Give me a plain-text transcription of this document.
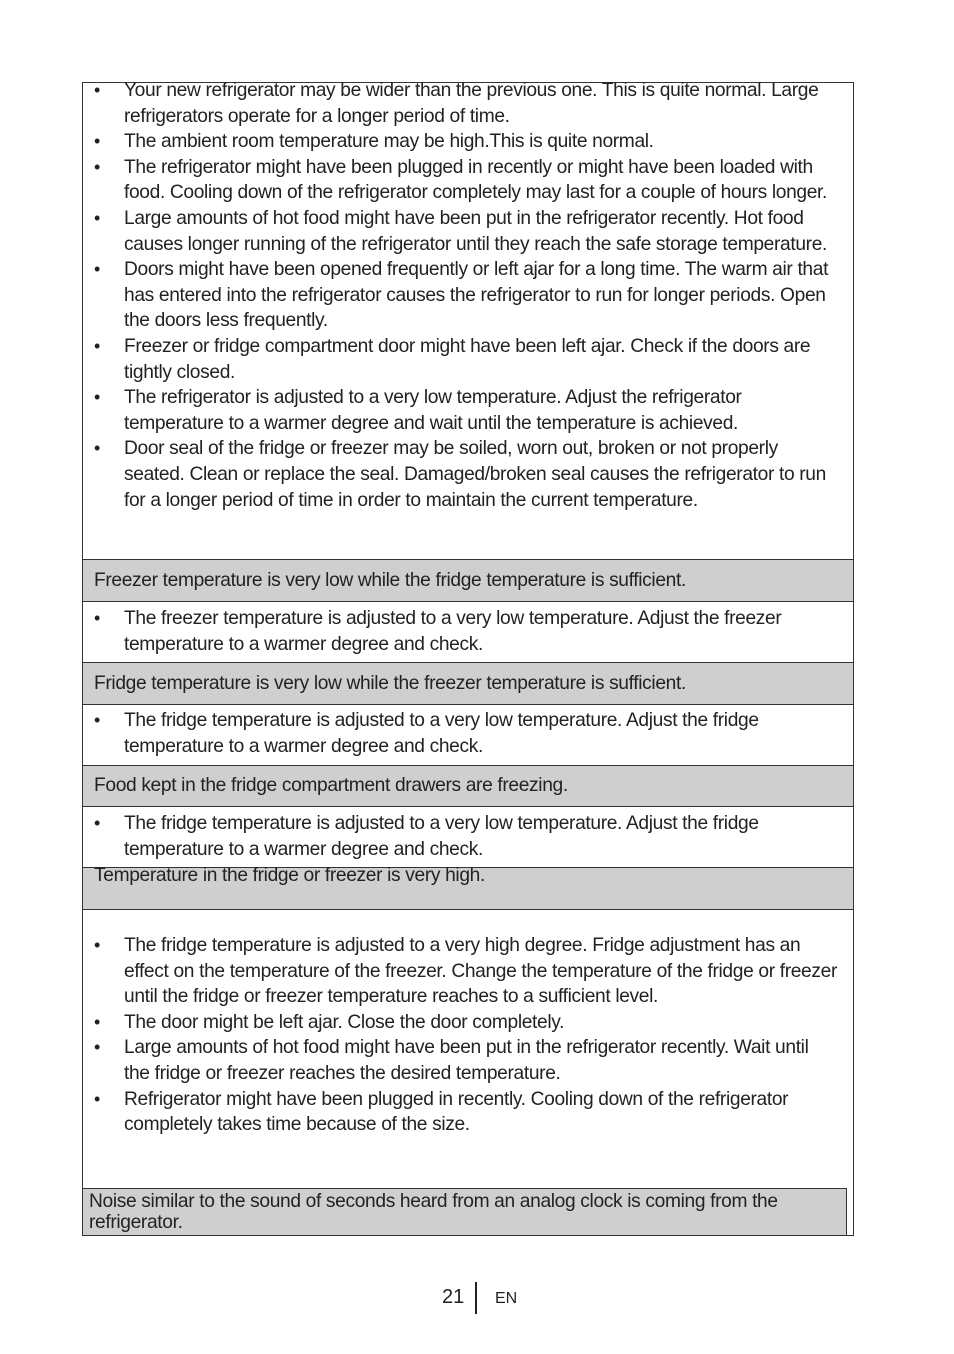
• Your new refrigerator may be wider than the previous one. This is quite normal. Large refrigerators operate for a longer period of time.
• The ambient room temperature may be high.This is quite normal.
• The refrigerator might have been plugged in recently or might have been loaded with food. Cooling down of the refrigerator completely may last for a couple of hours longer.
• Large amounts of hot food might have been put in the refrigerator recently. Hot food causes longer running of the refrigerator until they reach the safe storage temperature.
• Doors might have been opened frequently or left ajar for a long time. The warm air that has entered into the refrigerator causes the refrigerator to run for longer periods. Open the doors less frequently.
• Freezer or fridge compartment door might have been left ajar. Check if the doors are tightly closed.
• The refrigerator is adjusted to a very low temperature. Adjust the refrigerator temperature to a warmer degree and wait until the temperature is achieved.
• Door seal of the fridge or freezer may be soiled, worn out, broken or not properly seated. Clean or replace the seal. Damaged/broken seal causes the refrigerator to run for a longer period of time in order to maintain the current temperature.
Freezer temperature is very low while the fridge temperature is sufficient.
• The freezer temperature is adjusted to a very low temperature. Adjust the freezer temperature to a warmer degree and check.
Fridge temperature is very low while the freezer temperature is sufficient.
• The fridge temperature is adjusted to a very low temperature. Adjust the fridge temperature to a warmer degree and check.
Food kept in the fridge compartment drawers are freezing.
• The fridge temperature is adjusted to a very low temperature. Adjust the fridge temperature to a warmer degree and check.
Temperature in the fridge or freezer is very high.
• The fridge temperature is adjusted to a very high degree. Fridge adjustment has an effect on the temperature of the freezer. Change the temperature of the fridge or freezer until the fridge or freezer temperature reaches to a sufficient level.
• The door might be left ajar. Close the door completely.
• Large amounts of hot food might have been put in the refrigerator recently. Wait until the fridge or freezer reaches the desired temperature.
• Refrigerator might have been plugged in recently. Cooling down of the refrigerator completely takes time because of the size.
Noise similar to the sound of seconds heard from an analog clock is coming from the refrigerator.
21 EN
